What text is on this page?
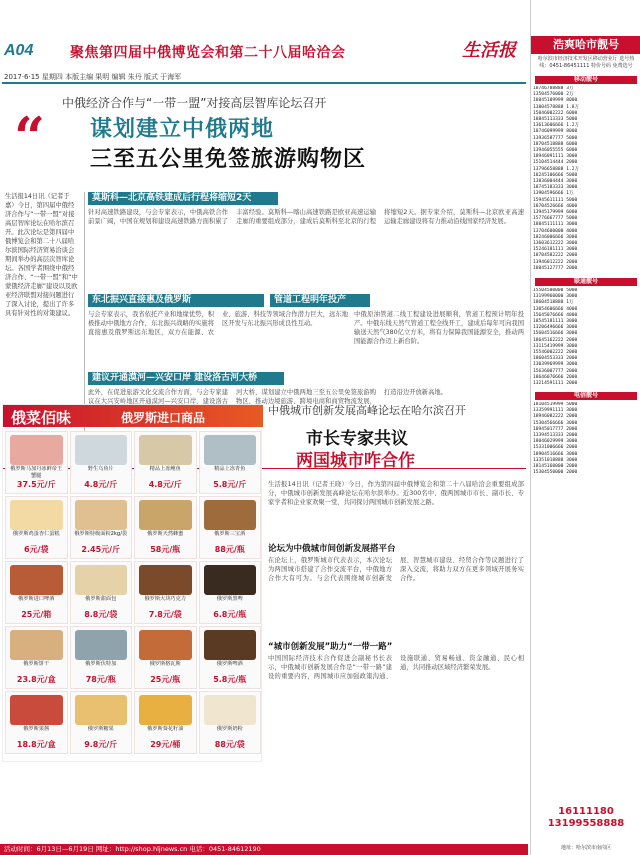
A04	聚焦第四届中俄博览会和第二十八届哈洽会	生活报
2017·6·15 星期四 本版主编 果明 编辑 朱丹 版式 于海军
中俄经济合作与“一带一盟”对接高层智库论坛召开
“ 谋划建立中俄两地
三至五公里免签旅游购物区
生活报14日讯（记者于嘉）今日，第四届中俄经济合作与“一带一盟”对接高层智库论坛在哈尔滨召开。此次论坛是第四届中俄博览会和第二十八届哈尔滨国际经济贸易洽谈会期间举办的高层次智库论坛。各国学者围绕中俄经济合作、“一带一盟”和“中蒙俄经济走廊”建设以及欧亚经济联盟对接问题进行了深入讨论，提出了许多具有针对性的对策建议。
莫斯科—北京高铁建成后行程将缩短2天
针对高速铁路建设，与会专家表示，中俄高铁合作前景广阔，中国在规划和建设高速铁路方面积累了丰富经验。莫斯科—喀山高速铁路是欧亚高速运输走廊的重要组成部分，建成后莫斯科至北京的行程将缩短2天。据专家介绍，莫斯科—北京欧亚高速运输走廊建设将有力推动沿线国家经济发展。
东北振兴直接惠及俄罗斯	管道工程明年投产
与会专家表示，我省依托产业和地缘优势，积极推动中俄地方合作，东北振兴战略的实施将直接惠及俄罗斯远东地区，双方在能源、农业、旅游、科技等领域合作潜力巨大，远东地区开发与东北振兴形成良性互动。
中俄原油管道二线工程建设进展顺利，管道工程预计明年投产。中俄东线天然气管道工程全线开工，建成后每年可向我国输送天然气380亿立方米，将有力保障我国能源安全，推动两国能源合作迈上新台阶。
建议开通漠河—兴安口岸 建设洛古河大桥
此外，在促进旅游文化交流合作方面，与会专家建议在大兴安岭地区开通漠河—兴安口岸，建设洛古河大桥，谋划建立中俄两地三至五公里免签旅游购物区，推动边境旅游、跨境电商和商贸物流发展，打造沿边开放新高地。
俄菜佰味	俄罗斯进口商品
俄罗斯马加丹冰鲜帝王蟹腿
37.5元/斤
野生乌鱼片
4.8元/斤
精品上冻鲍鱼
4.8元/斤
精品上冻青鱼
5.8元/斤
俄罗斯鸡蛋杏仁蛋糕
6元/袋
俄罗斯特级面粉2kg/袋
2.45元/斤
俄罗斯天然蜂蜜
58元/瓶
俄罗斯三宝酒
88元/瓶
俄罗斯进口啤酒
25元/箱
俄罗斯甜面包
8.8元/袋
俄罗斯大块巧克力
7.8元/袋
俄罗斯黑啤
6.8元/瓶
俄罗斯饼干
23.8元/盒
俄罗斯伏特加
78元/瓶
俄罗斯格瓦斯
25元/瓶
俄罗斯啤酒
5.8元/瓶
俄罗斯果酱
18.8元/盒
俄罗斯糖果
9.8元/斤
俄罗斯葵花籽油
29元/桶
俄罗斯奶粉
88元/袋
中俄城市创新发展高峰论坛在哈尔滨召开
市长专家共议
两国城市咋合作
生活报14日讯（记者王晓）今日，作为第四届中俄博览会和第二十八届哈洽会重要组成部分，中俄城市创新发展高峰论坛在哈尔滨举办。近300名中、俄两国城市市长、副市长、专家学者和企业家欢聚一堂，共同探讨两国城市创新发展之路。
论坛为中俄城市间创新发展搭平台
在论坛上，俄罗斯城市代表表示，本次论坛为两国城市搭建了合作交流平台，中俄地方合作大有可为。与会代表围绕城市创新发展、智慧城市建设、经贸合作等议题进行了深入交流，将助力双方在更多领域开展务实合作。
“城市创新发展”助力“一带一路”
中国国际经济技术合作促进会副秘书长表示，中俄城市创新发展合作是“一带一路”建设的重要内容，两国城市应加强政策沟通、设施联通、贸易畅通、资金融通、民心相通，共同推动区域经济繁荣发展。
活动时间：6月13日—6月19日 网址：http://shop.hljnews.cn 电话：0451-84612190
浩爽哈市靓号
哈尔滨市经济技术开发区移动营业厅 选号热线：0451-86451111 特价号码 免费选号
移动靓号
18746788888 3万
13504576000 2万
18845109999 8000
13804578888 1.8万
15046002222 6000
18845113333 5000
13613606666 1.2万
18746099999 8000
13936587777 5000
18704518888 6000
13946055555 6000
18946091111 3000
15104514444 2000
13796658888 1.2万
18245106666 5000
13836004444 3000
18745183333 3000
13904596666 1万
15945611111 5000
18704526666 4000
13945179999 6000
15776667777 5000
18845111111 3000
13704600000 4000
18246006666 3000
13603612222 3000
15246181111 3000
18704582222 2000
13946012222 2000
18845127777 2000
联通靓号
15504500000 5000
13199960000 3000
18604518888 1万
13054606666 4000
15645076666 4000
18545181111 3000
13206496666 3000
15604516666 3000
18645162222 2000
13115419999 3000
15546002222 2000
18604553333 2000
13039969999 3000
15636007777 2000
18646076666 2000
13214591111 2000
电信靓号
18104519999 5000
13359991111 3000
18946082222 2000
15304566666 3000
18945017777 2000
13394513333 2000
18046029999 3000
15331006666 2000
18904516666 3000
13351018888 3000
18145160000 2000
15304550000 2000
16111180
13199558888
地址：哈尔滨市南岗区
